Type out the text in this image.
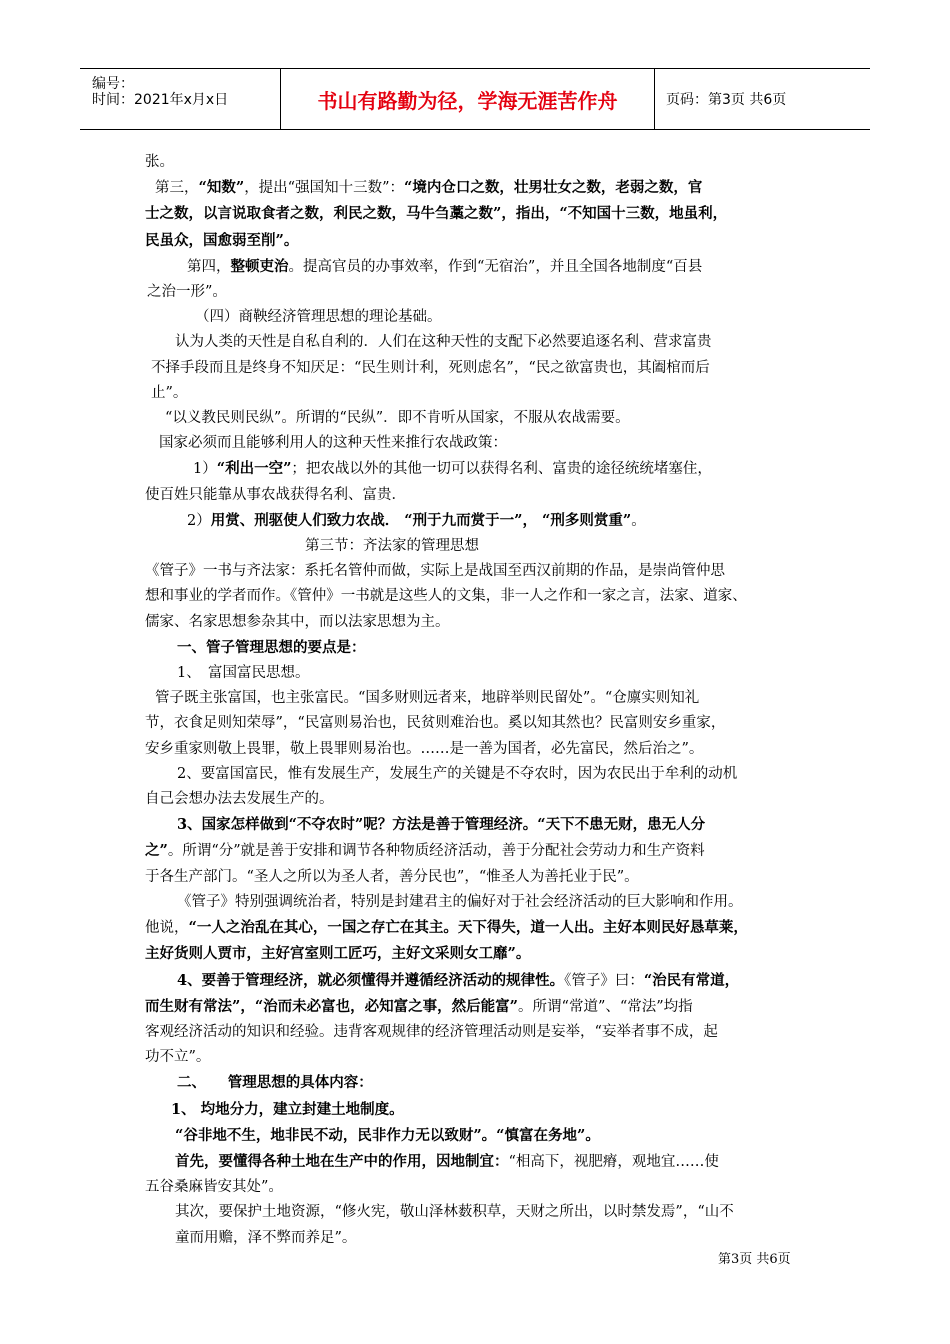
编号：
时间：2021年x月x日	书山有路勤为径，学海无涯苦作舟	页码：第3页 共6页

张。

第三，“知数”，提出“强国知十三数”：“境内仓口之数，壮男壮女之数，老弱之数，官

士之数，以言说取食者之数，利民之数，马牛刍藁之数”，指出，“不知国十三数，地虽利，

民虽众，国愈弱至削”。

第四，整顿吏治。提高官员的办事效率，作到“无宿治”，并且全国各地制度“百县

之治一形”。

（四）商鞅经济管理思想的理论基础。

认为人类的天性是自私自利的．人们在这种天性的支配下必然要追逐名利、营求富贵

不择手段而且是终身不知厌足：“民生则计利，死则虑名”，“民之欲富贵也，其阖棺而后

止”。

“以义教民则民纵”。所谓的“民纵”．即不肯听从国家，不服从农战需要。

国家必须而且能够利用人的这种天性来推行农战政策：

1）“利出一空”；把农战以外的其他一切可以获得名利、富贵的途径统统堵塞住，

使百姓只能靠从事农战获得名利、富贵．

2）用赏、刑驱使人们致力农战． “刑于九而赏于一”， “刑多则赏重”。

第三节：齐法家的管理思想

《管子》一书与齐法家：系托名管仲而做，实际上是战国至西汉前期的作品，是崇尚管仲思

想和事业的学者而作。《管仲》一书就是这些人的文集，非一人之作和一家之言，法家、道家、

儒家、名家思想参杂其中，而以法家思想为主。

一、管子管理思想的要点是：

1、　富国富民思想。

管子既主张富国，也主张富民。“国多财则远者来，地辟举则民留处”。“仓廪实则知礼

节，衣食足则知荣辱”，“民富则易治也，民贫则难治也。奚以知其然也？民富则安乡重家，

安乡重家则敬上畏罪，敬上畏罪则易治也。……是一善为国者，必先富民，然后治之”。

2、要富国富民，惟有发展生产，发展生产的关键是不夺农时，因为农民出于牟利的动机

自己会想办法去发展生产的。

3、国家怎样做到“不夺农时”呢？方法是善于管理经济。“天下不患无财，患无人分

之”。所谓“分”就是善于安排和调节各种物质经济活动，善于分配社会劳动力和生产资料

于各生产部门。“圣人之所以为圣人者，善分民也”，“惟圣人为善托业于民”。

《管子》特别强调统治者，特别是封建君主的偏好对于社会经济活动的巨大影响和作用。

他说，“一人之治乱在其心，一国之存亡在其主。天下得失，道一人出。主好本则民好恳草莱，

主好货则人贾市，主好宫室则工匠巧，主好文采则女工靡”。

4、要善于管理经济，就必须懂得并遵循经济活动的规律性。《管子》曰：“治民有常道，

而生财有常法”，“治而未必富也，必知富之事，然后能富”。所谓“常道”、“常法”均指

客观经济活动的知识和经验。违背客观规律的经济管理活动则是妄举，“妄举者事不成，起

功不立”。

二、　　管理思想的具体内容：

1、 均地分力，建立封建土地制度。

“谷非地不生，地非民不动，民非作力无以致财”。“慎富在务地”。

首先，要懂得各种土地在生产中的作用，因地制宜：“相高下，视肥瘠，观地宜……使

五谷桑麻皆安其处”。

其次，要保护土地资源，“修火宪，敬山泽林薮积草，天财之所出，以时禁发焉”，“山不

童而用赡，泽不弊而养足”。

第3页 共6页
